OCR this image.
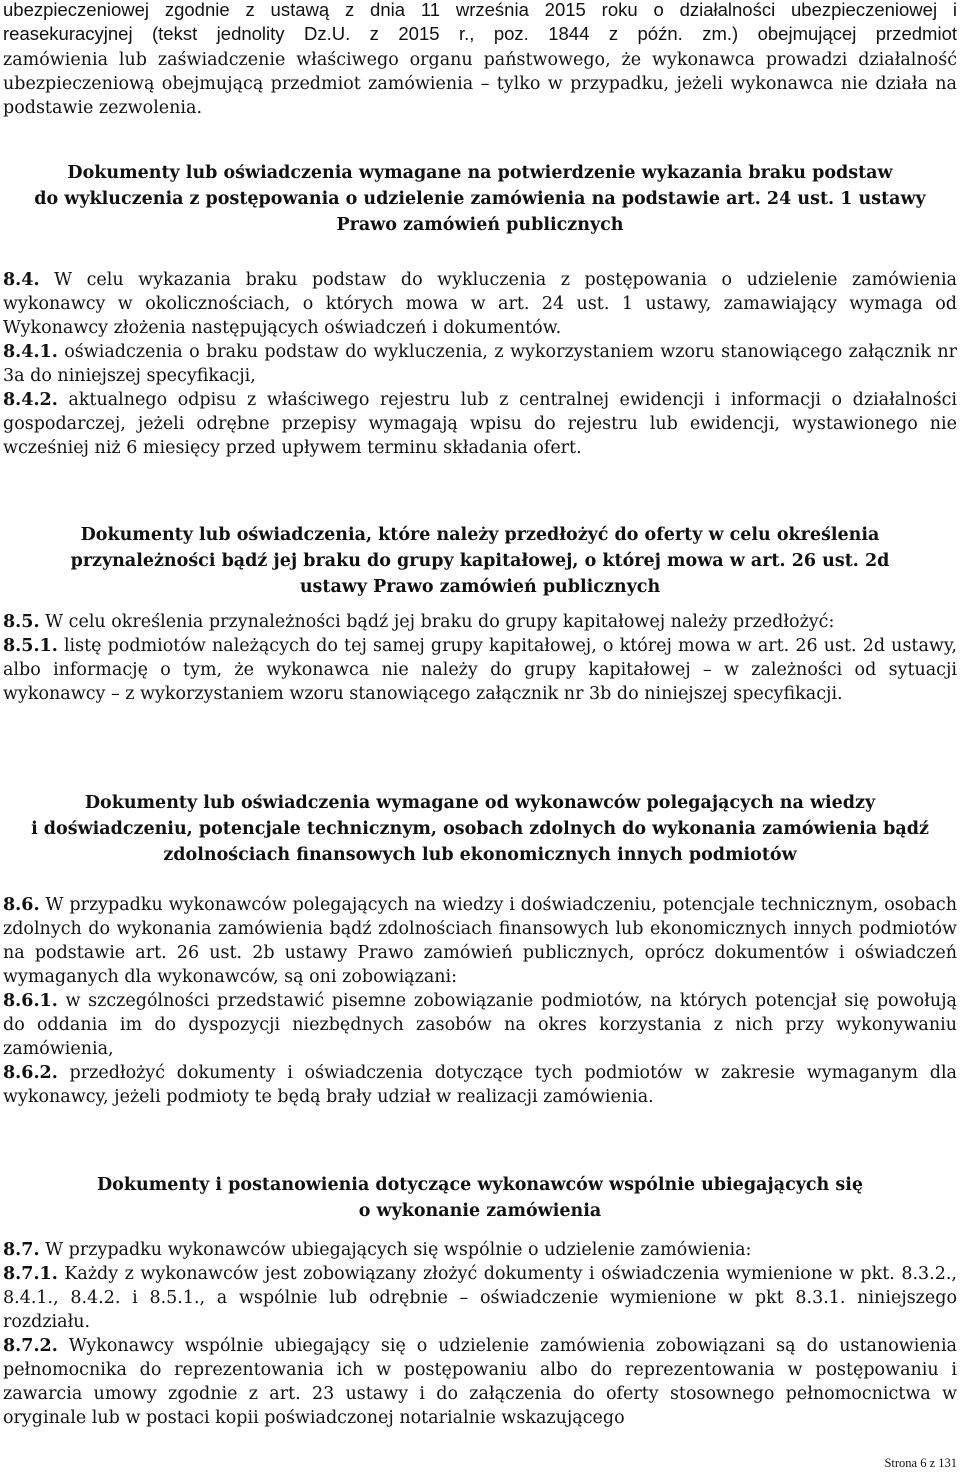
ubezpieczeniowej zgodnie z ustawą z dnia 11 września 2015 roku o działalności ubezpieczeniowej i

reasekuracyjnej (tekst jednolity Dz.U. z 2015 r., poz. 1844 z późn. zm.) obejmującej przedmiot

zamówienia lub zaświadczenie właściwego organu państwowego, że wykonawca prowadzi działalność ubezpieczeniową obejmującą przedmiot zamówienia – tylko w przypadku, jeżeli wykonawca nie działa na podstawie zezwolenia.

Dokumenty lub oświadczenia wymagane na potwierdzenie wykazania braku podstaw

do wykluczenia z postępowania o udzielenie zamówienia na podstawie art. 24 ust. 1 ustawy

Prawo zamówień publicznych

8.4. W celu wykazania braku podstaw do wykluczenia z postępowania o udzielenie zamówienia wykonawcy w okolicznościach, o których mowa w art. 24 ust. 1 ustawy, zamawiający wymaga od Wykonawcy złożenia następujących oświadczeń i dokumentów.

8.4.1. oświadczenia o braku podstaw do wykluczenia, z wykorzystaniem wzoru stanowiącego załącznik nr 3a do niniejszej specyfikacji,

8.4.2. aktualnego odpisu z właściwego rejestru lub z centralnej ewidencji i informacji o działalności gospodarczej, jeżeli odrębne przepisy wymagają wpisu do rejestru lub ewidencji, wystawionego nie wcześniej niż 6 miesięcy przed upływem terminu składania ofert.

Dokumenty lub oświadczenia, które należy przedłożyć do oferty w celu określenia

przynależności bądź jej braku do grupy kapitałowej, o której mowa w art. 26 ust. 2d

ustawy Prawo zamówień publicznych

8.5. W celu określenia przynależności bądź jej braku do grupy kapitałowej należy przedłożyć:

8.5.1. listę podmiotów należących do tej samej grupy kapitałowej, o której mowa w art. 26 ust. 2d ustawy, albo informację o tym, że wykonawca nie należy do grupy kapitałowej – w zależności od sytuacji wykonawcy – z wykorzystaniem wzoru stanowiącego załącznik nr 3b do niniejszej specyfikacji.

Dokumenty lub oświadczenia wymagane od wykonawców polegających na wiedzy

i doświadczeniu, potencjale technicznym, osobach zdolnych do wykonania zamówienia bądź

zdolnościach finansowych lub ekonomicznych innych podmiotów

8.6. W przypadku wykonawców polegających na wiedzy i doświadczeniu, potencjale technicznym, osobach zdolnych do wykonania zamówienia bądź zdolnościach finansowych lub ekonomicznych innych podmiotów na podstawie art. 26 ust. 2b ustawy Prawo zamówień publicznych, oprócz dokumentów i oświadczeń wymaganych dla wykonawców, są oni zobowiązani:

8.6.1. w szczególności przedstawić pisemne zobowiązanie podmiotów, na których potencjał się powołują do oddania im do dyspozycji niezbędnych zasobów na okres korzystania z nich przy wykonywaniu zamówienia,

8.6.2. przedłożyć dokumenty i oświadczenia dotyczące tych podmiotów w zakresie wymaganym dla wykonawcy, jeżeli podmioty te będą brały udział w realizacji zamówienia.

Dokumenty i postanowienia dotyczące wykonawców wspólnie ubiegających się

o wykonanie zamówienia

8.7. W przypadku wykonawców ubiegających się wspólnie o udzielenie zamówienia:

8.7.1. Każdy z wykonawców jest zobowiązany złożyć dokumenty i oświadczenia wymienione w pkt. 8.3.2., 8.4.1., 8.4.2. i 8.5.1., a wspólnie lub odrębnie – oświadczenie wymienione w pkt 8.3.1. niniejszego rozdziału.

8.7.2. Wykonawcy wspólnie ubiegający się o udzielenie zamówienia zobowiązani są do ustanowienia pełnomocnika do reprezentowania ich w postępowaniu albo do reprezentowania w postępowaniu i zawarcia umowy zgodnie z art. 23 ustawy i do załączenia do oferty stosownego pełnomocnictwa w oryginale lub w postaci kopii poświadczonej notarialnie wskazującego

Strona 6 z 131
